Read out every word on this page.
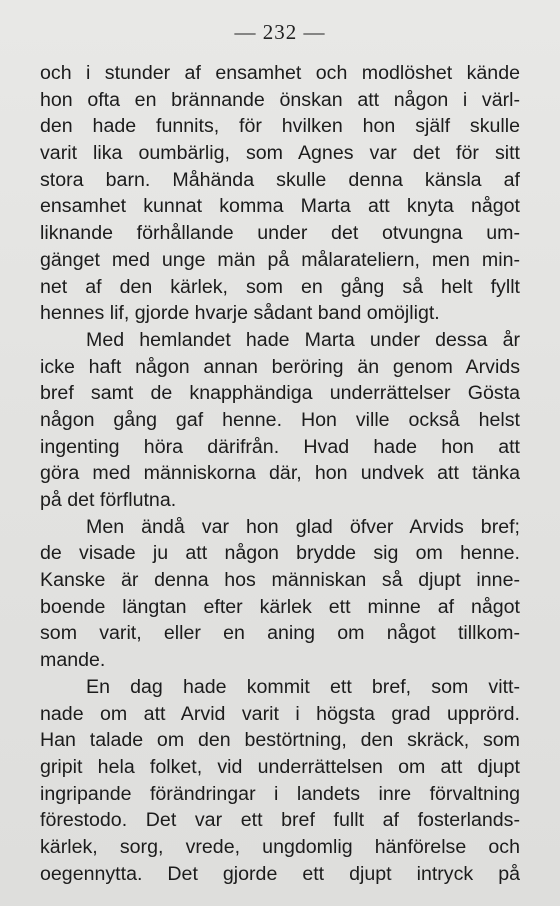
— 232 —
och i stunder af ensamhet och modlöshet kände
hon ofta en brännande önskan att någon i värl-
den hade funnits, för hvilken hon själf skulle
varit lika oumbärlig, som Agnes var det för sitt
stora barn. Måhända skulle denna känsla af
ensamhet kunnat komma Marta att knyta något
liknande förhållande under det otvungna um-
gänget med unge män på målarateliern, men min-
net af den kärlek, som en gång så helt fyllt
hennes lif, gjorde hvarje sådant band omöjligt.
Med hemlandet hade Marta under dessa år
icke haft någon annan beröring än genom Arvids
bref samt de knapphändiga underrättelser Gösta
någon gång gaf henne. Hon ville också helst
ingenting höra därifrån. Hvad hade hon att
göra med människorna där, hon undvek att tänka
på det förflutna.
Men ändå var hon glad öfver Arvids bref;
de visade ju att någon brydde sig om henne.
Kanske är denna hos människan så djupt inne-
boende längtan efter kärlek ett minne af något
som varit, eller en aning om något tillkom-
mande.
En dag hade kommit ett bref, som vitt-
nade om att Arvid varit i högsta grad upprörd.
Han talade om den bestörtning, den skräck, som
gripit hela folket, vid underrättelsen om att djupt
ingripande förändringar i landets inre förvaltning
förestodo. Det var ett bref fullt af fosterlands-
kärlek, sorg, vrede, ungdomlig hänförelse och
oegennytta. Det gjorde ett djupt intryck på
